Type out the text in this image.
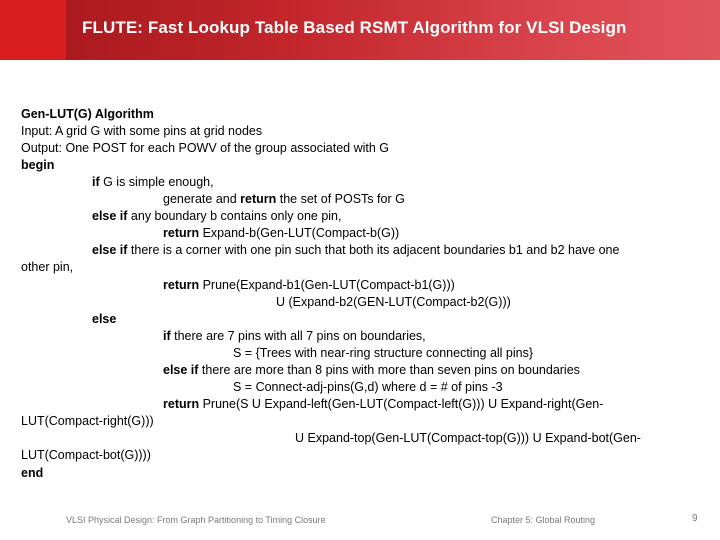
FLUTE: Fast Lookup Table Based RSMT Algorithm for VLSI Design
Gen-LUT(G) Algorithm
Input: A grid G with some pins at grid nodes
Output: One POST for each POWV of the group associated with G
begin
if G is simple enough,
generate and return the set of POSTs for G
else if any boundary b contains only one pin,
return Expand-b(Gen-LUT(Compact-b(G))
else if there is a corner with one pin such that both its adjacent boundaries b1 and b2 have one
other pin,
return Prune(Expand-b1(Gen-LUT(Compact-b1(G)))
U (Expand-b2(GEN-LUT(Compact-b2(G)))
else
if there are 7 pins with all 7 pins on boundaries,
S = {Trees with near-ring structure connecting all pins}
else if there are more than 8 pins with more than seven pins on boundaries
S = Connect-adj-pins(G,d) where d = # of pins -3
return Prune(S U Expand-left(Gen-LUT(Compact-left(G))) U Expand-right(Gen-
LUT(Compact-right(G)))
U Expand-top(Gen-LUT(Compact-top(G))) U Expand-bot(Gen-
LUT(Compact-bot(G))))
end
VLSI Physical Design: From Graph Partitioning to Timing Closure	Chapter 5: Global Routing	9
